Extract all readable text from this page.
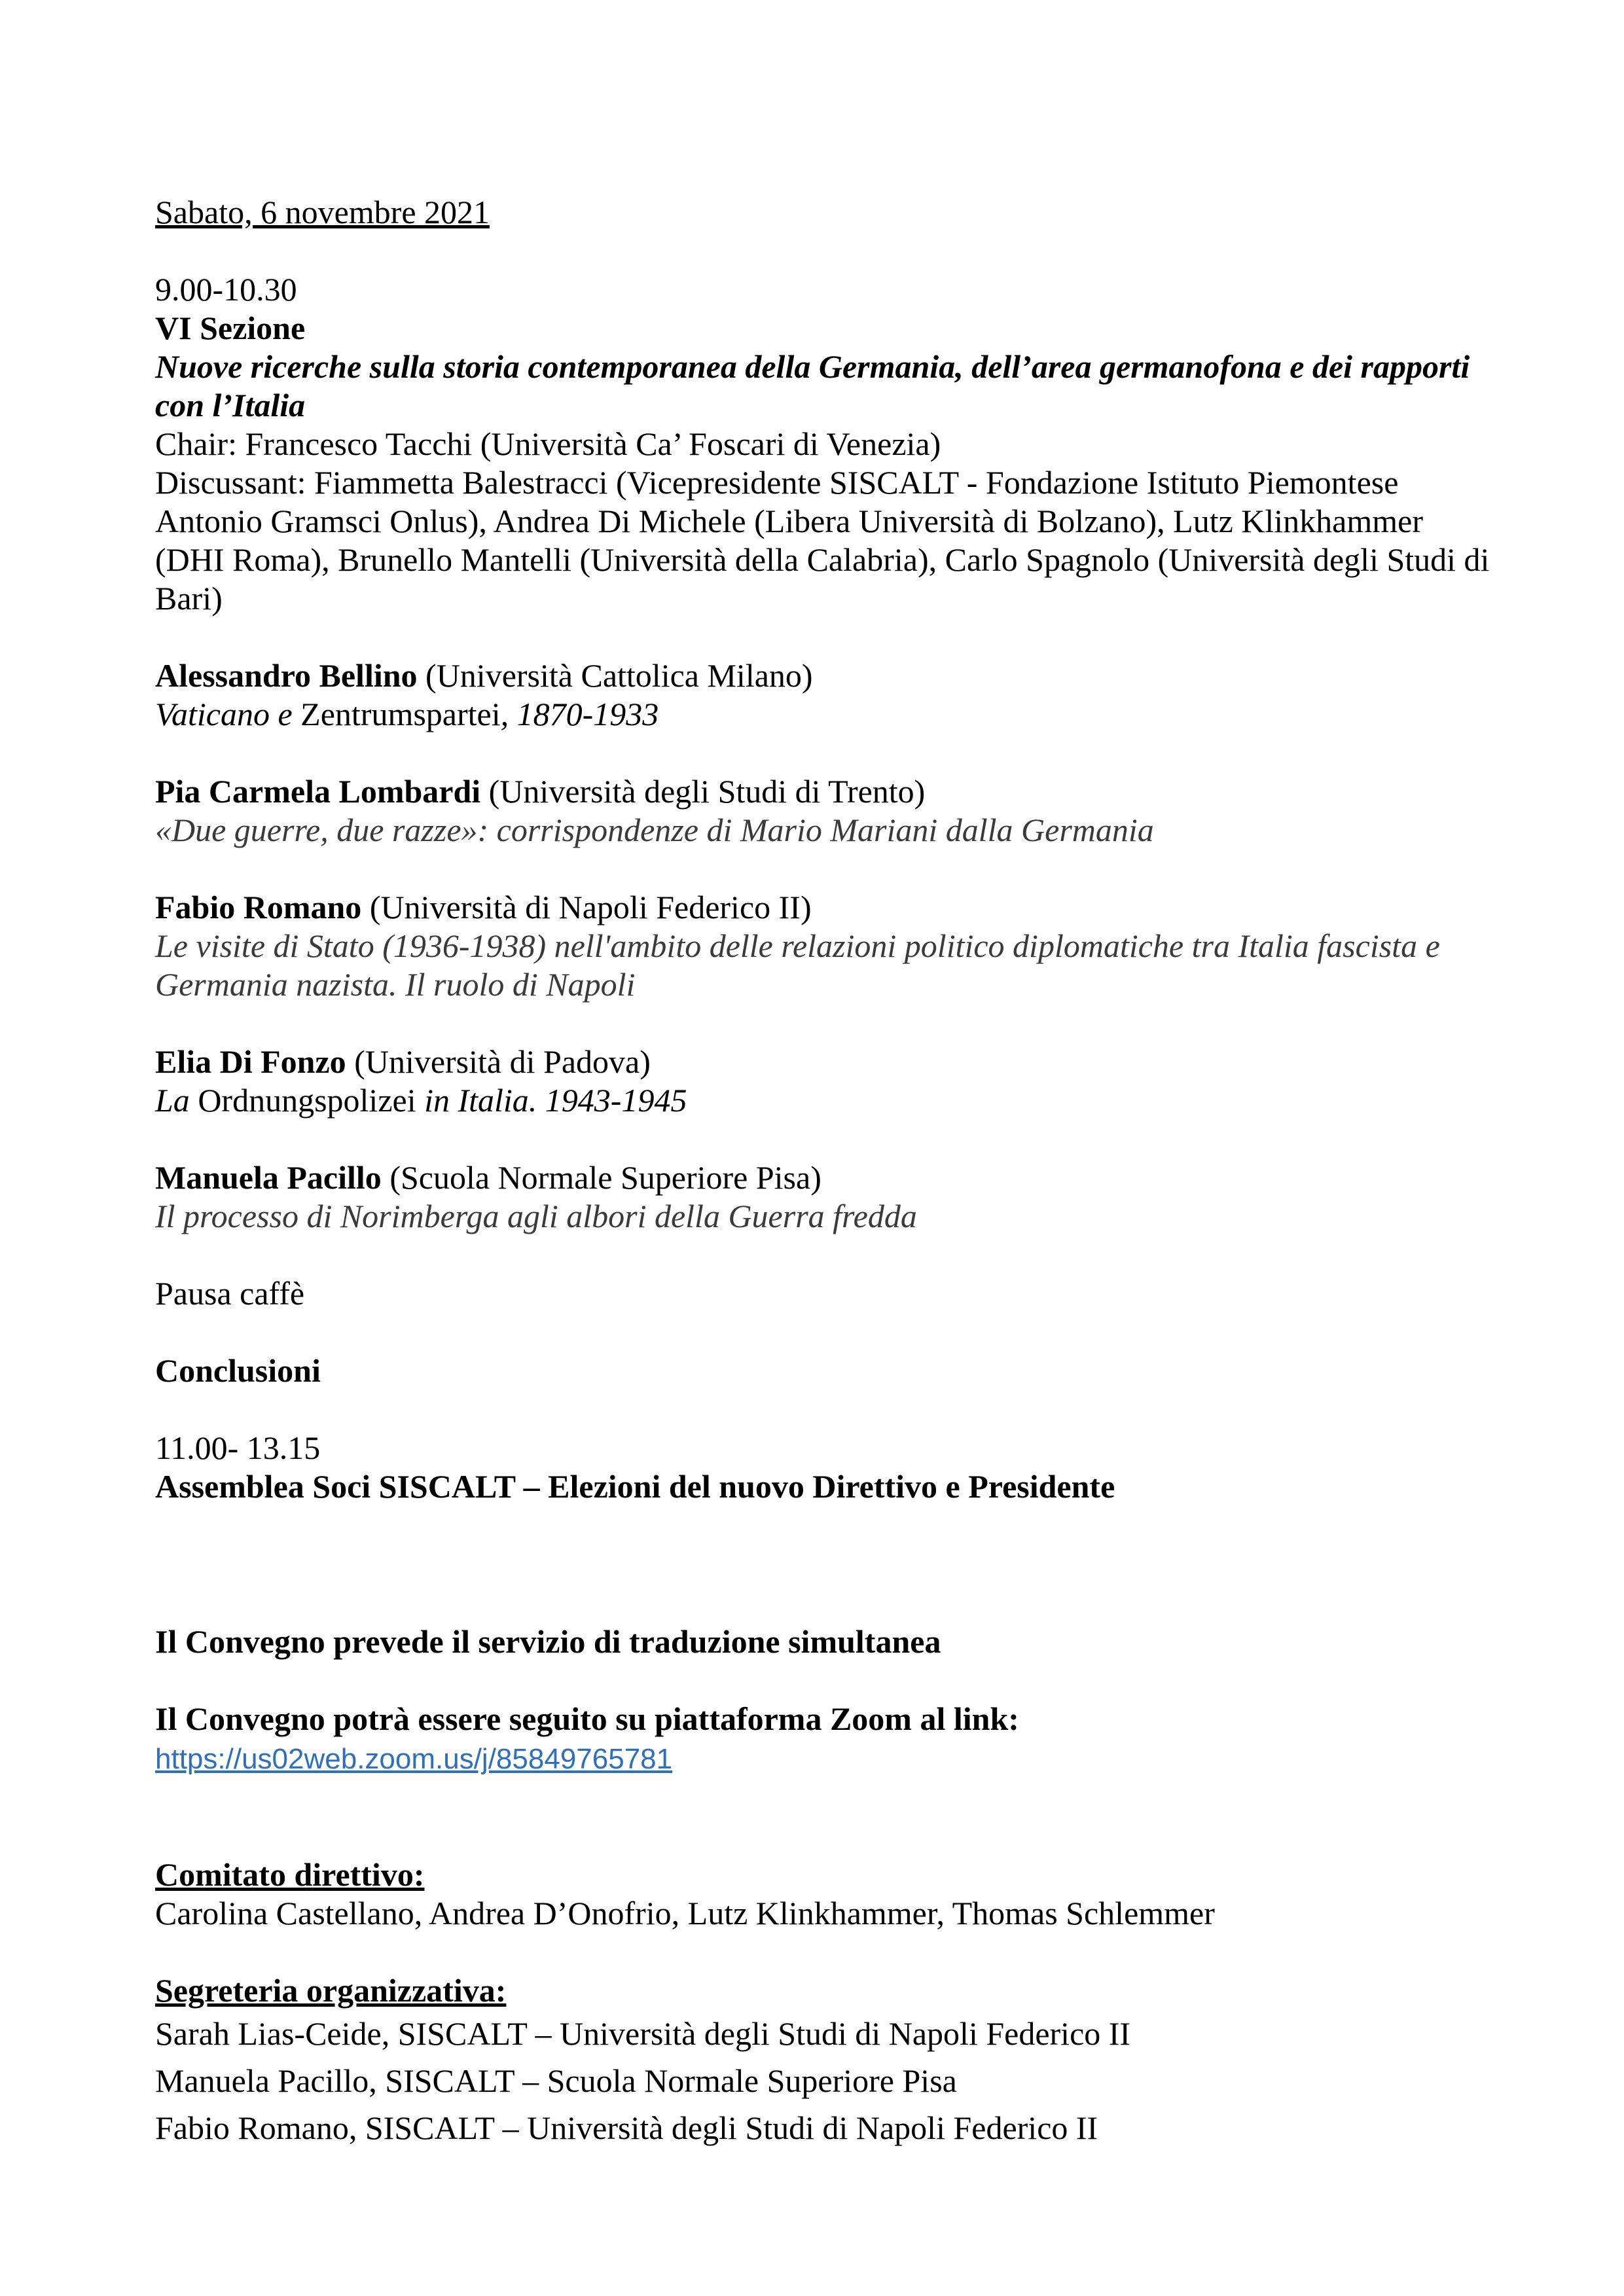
Sabato, 6 novembre 2021

9.00-10.30

VI Sezione

Nuove ricerche sulla storia contemporanea della Germania, dell’area germanofona e dei rapporti con l’Italia

Chair: Francesco Tacchi (Università Ca’ Foscari di Venezia)

Discussant: Fiammetta Balestracci (Vicepresidente SISCALT - Fondazione Istituto Piemontese Antonio Gramsci Onlus), Andrea Di Michele (Libera Università di Bolzano), Lutz Klinkhammer (DHI Roma), Brunello Mantelli (Università della Calabria), Carlo Spagnolo (Università degli Studi di Bari)

Alessandro Bellino (Università Cattolica Milano)

Vaticano e Zentrumspartei, 1870-1933

Pia Carmela Lombardi (Università degli Studi di Trento)

«Due guerre, due razze»: corrispondenze di Mario Mariani dalla Germania

Fabio Romano (Università di Napoli Federico II)

Le visite di Stato (1936-1938) nell'ambito delle relazioni politico diplomatiche tra Italia fascista e Germania nazista. Il ruolo di Napoli

Elia Di Fonzo (Università di Padova)

La Ordnungspolizei in Italia. 1943-1945

Manuela Pacillo (Scuola Normale Superiore Pisa)

Il processo di Norimberga agli albori della Guerra fredda

Pausa caffè

Conclusioni

11.00- 13.15

Assemblea Soci SISCALT – Elezioni del nuovo Direttivo e Presidente

Il Convegno prevede il servizio di traduzione simultanea

Il Convegno potrà essere seguito su piattaforma Zoom al link:

https://us02web.zoom.us/j/85849765781

Comitato direttivo:

Carolina Castellano, Andrea D’Onofrio, Lutz Klinkhammer, Thomas Schlemmer

Segreteria organizzativa:

Sarah Lias-Ceide, SISCALT – Università degli Studi di Napoli Federico II

Manuela Pacillo, SISCALT – Scuola Normale Superiore Pisa

Fabio Romano, SISCALT – Università degli Studi di Napoli Federico II
